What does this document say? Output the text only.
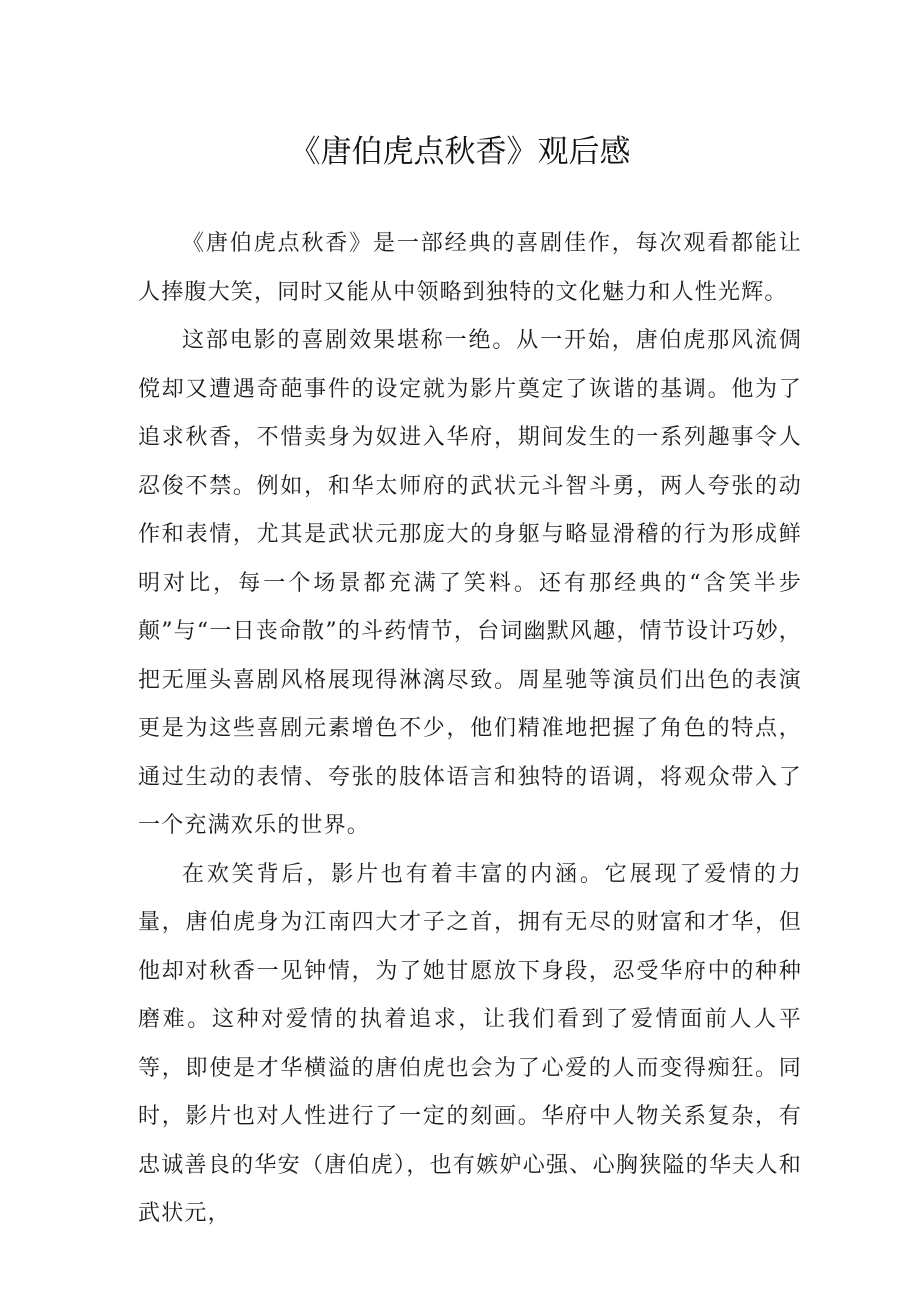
《唐伯虎点秋香》观后感

《唐伯虎点秋香》是一部经典的喜剧佳作，每次观看都能让人捧腹大笑，同时又能从中领略到独特的文化魅力和人性光辉。

这部电影的喜剧效果堪称一绝。从一开始，唐伯虎那风流倜傥却又遭遇奇葩事件的设定就为影片奠定了诙谐的基调。他为了追求秋香，不惜卖身为奴进入华府，期间发生的一系列趣事令人忍俊不禁。例如，和华太师府的武状元斗智斗勇，两人夸张的动作和表情，尤其是武状元那庞大的身躯与略显滑稽的行为形成鲜明对比，每一个场景都充满了笑料。还有那经典的“含笑半步颠”与“一日丧命散”的斗药情节，台词幽默风趣，情节设计巧妙，把无厘头喜剧风格展现得淋漓尽致。周星驰等演员们出色的表演更是为这些喜剧元素增色不少，他们精准地把握了角色的特点，通过生动的表情、夸张的肢体语言和独特的语调，将观众带入了一个充满欢乐的世界。

在欢笑背后，影片也有着丰富的内涵。它展现了爱情的力量，唐伯虎身为江南四大才子之首，拥有无尽的财富和才华，但他却对秋香一见钟情，为了她甘愿放下身段，忍受华府中的种种磨难。这种对爱情的执着追求，让我们看到了爱情面前人人平等，即使是才华横溢的唐伯虎也会为了心爱的人而变得痴狂。同时，影片也对人性进行了一定的刻画。华府中人物关系复杂，有忠诚善良的华安（唐伯虎），也有嫉妒心强、心胸狭隘的华夫人和武状元，
